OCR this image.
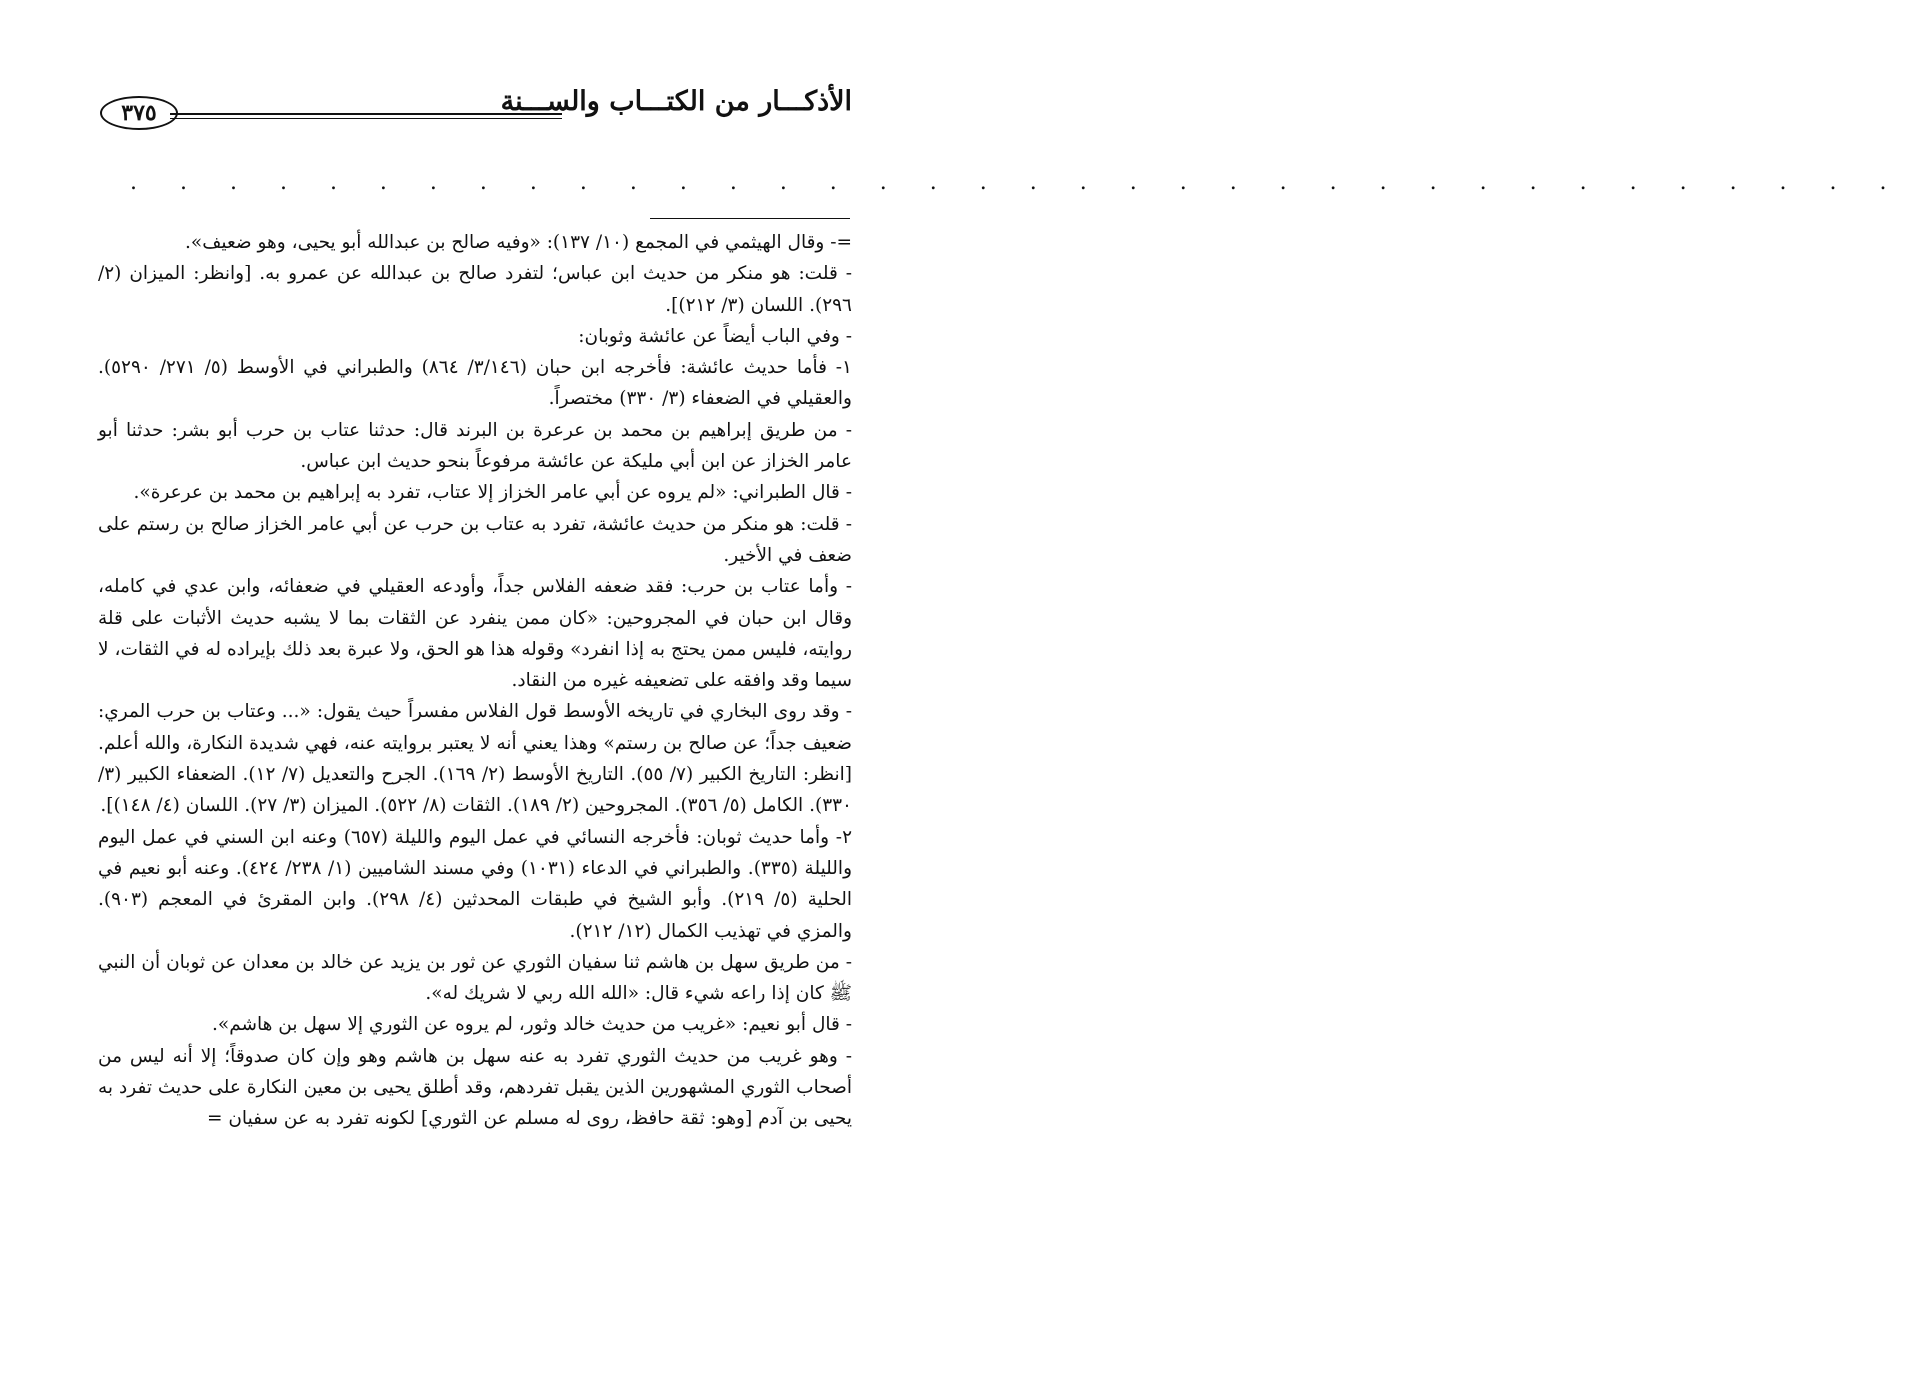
الأذكـــار من الكتـــاب والســـنة
٣٧٥
. . . . . . . . . . . . . . . . . . . . . . . . . . . . . . . . . . . .

=- وقال الهيثمي في المجمع (١٠/ ١٣٧): «وفيه صالح بن عبدالله أبو يحيى، وهو ضعيف».

- قلت: هو منكر من حديث ابن عباس؛ لتفرد صالح بن عبدالله عن عمرو به. [وانظر: الميزان (٢/ ٢٩٦). اللسان (٣/ ٢١٢)].

- وفي الباب أيضاً عن عائشة وثوبان:

١- فأما حديث عائشة: فأخرجه ابن حبان (٣/١٤٦/ ٨٦٤) والطبراني في الأوسط (٥/ ٢٧١/ ٥٢٩٠). والعقيلي في الضعفاء (٣/ ٣٣٠) مختصراً.

- من طريق إبراهيم بن محمد بن عرعرة بن البرند قال: حدثنا عتاب بن حرب أبو بشر: حدثنا أبو عامر الخزاز عن ابن أبي مليكة عن عائشة مرفوعاً بنحو حديث ابن عباس.

- قال الطبراني: «لم يروه عن أبي عامر الخزاز إلا عتاب، تفرد به إبراهيم بن محمد بن عرعرة».

- قلت: هو منكر من حديث عائشة، تفرد به عتاب بن حرب عن أبي عامر الخزاز صالح بن رستم على ضعف في الأخير.

- وأما عتاب بن حرب: فقد ضعفه الفلاس جداً، وأودعه العقيلي في ضعفائه، وابن عدي في كامله، وقال ابن حبان في المجروحين: «كان ممن ينفرد عن الثقات بما لا يشبه حديث الأثبات على قلة روايته، فليس ممن يحتج به إذا انفرد» وقوله هذا هو الحق، ولا عبرة بعد ذلك بإيراده له في الثقات، لا سيما وقد وافقه على تضعيفه غيره من النقاد.

- وقد روى البخاري في تاريخه الأوسط قول الفلاس مفسراً حيث يقول: «... وعتاب بن حرب المري: ضعيف جداً؛ عن صالح بن رستم» وهذا يعني أنه لا يعتبر بروايته عنه، فهي شديدة النكارة، والله أعلم. [انظر: التاريخ الكبير (٧/ ٥٥). التاريخ الأوسط (٢/ ١٦٩). الجرح والتعديل (٧/ ١٢). الضعفاء الكبير (٣/ ٣٣٠). الكامل (٥/ ٣٥٦). المجروحين (٢/ ١٨٩). الثقات (٨/ ٥٢٢). الميزان (٣/ ٢٧). اللسان (٤/ ١٤٨)].

٢- وأما حديث ثوبان: فأخرجه النسائي في عمل اليوم والليلة (٦٥٧) وعنه ابن السني في عمل اليوم والليلة (٣٣٥). والطبراني في الدعاء (١٠٣١) وفي مسند الشاميين (١/ ٢٣٨/ ٤٢٤). وعنه أبو نعيم في الحلية (٥/ ٢١٩). وأبو الشيخ في طبقات المحدثين (٤/ ٢٩٨). وابن المقرئ في المعجم (٩٠٣). والمزي في تهذيب الكمال (١٢/ ٢١٢).

- من طريق سهل بن هاشم ثنا سفيان الثوري عن ثور بن يزيد عن خالد بن معدان عن ثوبان أن النبي ﷺ كان إذا راعه شيء قال: «الله الله ربي لا شريك له».

- قال أبو نعيم: «غريب من حديث خالد وثور، لم يروه عن الثوري إلا سهل بن هاشم».

- وهو غريب من حديث الثوري تفرد به عنه سهل بن هاشم وهو وإن كان صدوقاً؛ إلا أنه ليس من أصحاب الثوري المشهورين الذين يقبل تفردهم، وقد أطلق يحيى بن معين النكارة على حديث تفرد به يحيى بن آدم [وهو: ثقة حافظ، روى له مسلم عن الثوري] لكونه تفرد به عن سفيان =
